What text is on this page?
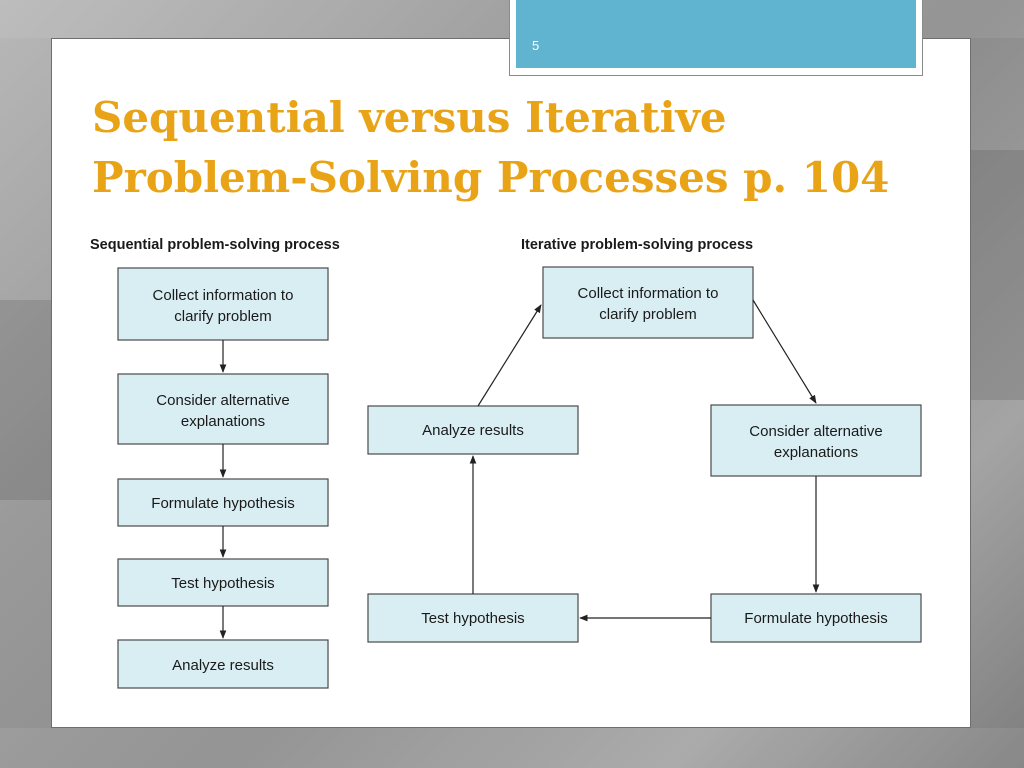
5
Sequential versus Iterative
Problem-Solving Processes p. 104
Sequential problem-solving process
Collect information to
clarify problem
Consider alternative
explanations
Formulate hypothesis
Test hypothesis
Analyze results
Iterative problem-solving process
Collect information to
clarify problem
Consider alternative
explanations
Formulate hypothesis
Test hypothesis
Analyze results
